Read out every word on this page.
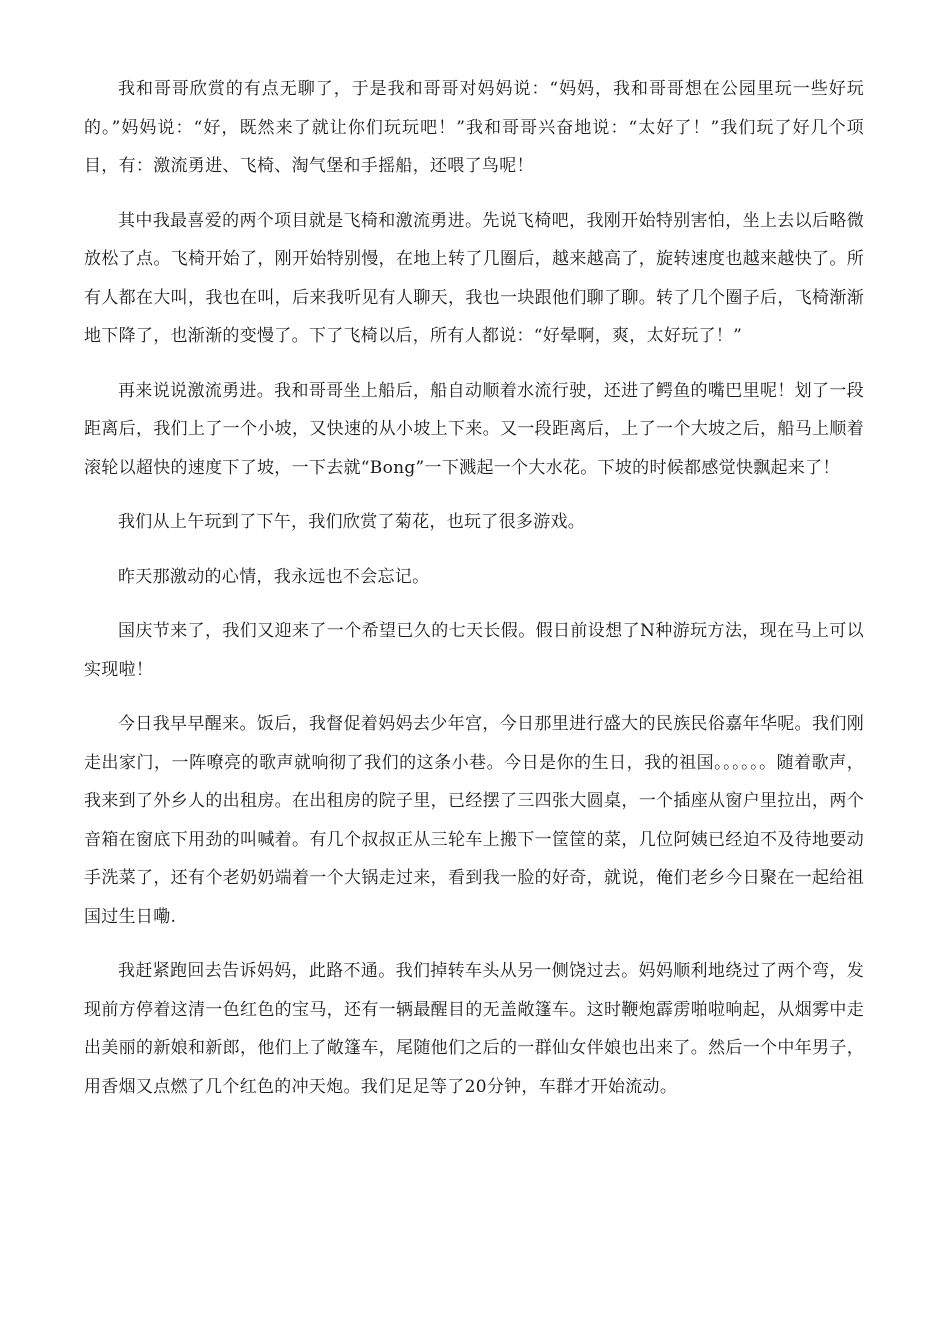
我和哥哥欣赏的有点无聊了，于是我和哥哥对妈妈说：“妈妈，我和哥哥想在公园里玩一些好玩的。”妈妈说：“好，既然来了就让你们玩玩吧！”我和哥哥兴奋地说：“太好了！”我们玩了好几个项目，有：激流勇进、飞椅、淘气堡和手摇船，还喂了鸟呢！

其中我最喜爱的两个项目就是飞椅和激流勇进。先说飞椅吧，我刚开始特别害怕，坐上去以后略微放松了点。飞椅开始了，刚开始特别慢，在地上转了几圈后，越来越高了，旋转速度也越来越快了。所有人都在大叫，我也在叫，后来我听见有人聊天，我也一块跟他们聊了聊。转了几个圈子后，飞椅渐渐地下降了，也渐渐的变慢了。下了飞椅以后，所有人都说：“好晕啊，爽，太好玩了！”

再来说说激流勇进。我和哥哥坐上船后，船自动顺着水流行驶，还进了鳄鱼的嘴巴里呢！划了一段距离后，我们上了一个小坡，又快速的从小坡上下来。又一段距离后，上了一个大坡之后，船马上顺着滚轮以超快的速度下了坡，一下去就“Bong”一下溅起一个大水花。下坡的时候都感觉快飘起来了！

我们从上午玩到了下午，我们欣赏了菊花，也玩了很多游戏。

昨天那激动的心情，我永远也不会忘记。

国庆节来了，我们又迎来了一个希望已久的七天长假。假日前设想了N种游玩方法，现在马上可以实现啦！

今日我早早醒来。饭后，我督促着妈妈去少年宫，今日那里进行盛大的民族民俗嘉年华呢。我们刚走出家门，一阵嘹亮的歌声就响彻了我们的这条小巷。今日是你的生日，我的祖国。。。。。。随着歌声，我来到了外乡人的出租房。在出租房的院子里，已经摆了三四张大圆桌，一个插座从窗户里拉出，两个音箱在窗底下用劲的叫喊着。有几个叔叔正从三轮车上搬下一筐筐的菜，几位阿姨已经迫不及待地要动手洗菜了，还有个老奶奶端着一个大锅走过来，看到我一脸的好奇，就说，俺们老乡今日聚在一起给祖国过生日嘞.

我赶紧跑回去告诉妈妈，此路不通。我们掉转车头从另一侧饶过去。妈妈顺利地绕过了两个弯，发现前方停着这清一色红色的宝马，还有一辆最醒目的无盖敞篷车。这时鞭炮霹雳啪啦响起，从烟雾中走出美丽的新娘和新郎，他们上了敞篷车，尾随他们之后的一群仙女伴娘也出来了。然后一个中年男子，用香烟又点燃了几个红色的冲天炮。我们足足等了20分钟，车群才开始流动。
